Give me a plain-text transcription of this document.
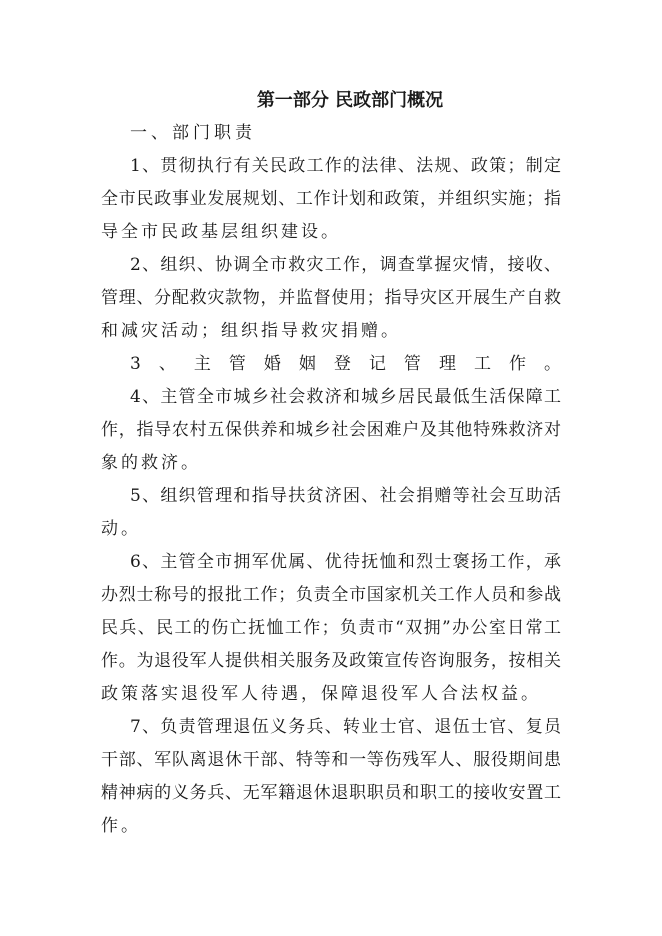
第一部分 民政部门概况
一、部门职责
1、贯彻执行有关民政工作的法律、法规、政策；制定
全市民政事业发展规划、工作计划和政策，并组织实施；指
导全市民政基层组织建设。
2、组织、协调全市救灾工作，调查掌握灾情，接收、
管理、分配救灾款物，并监督使用；指导灾区开展生产自救
和减灾活动；组织指导救灾捐赠。
3、主管婚姻登记管理工作。
4、主管全市城乡社会救济和城乡居民最低生活保障工
作，指导农村五保供养和城乡社会困难户及其他特殊救济对
象的救济。
5、组织管理和指导扶贫济困、社会捐赠等社会互助活
动。
6、主管全市拥军优属、优待抚恤和烈士褒扬工作，承
办烈士称号的报批工作；负责全市国家机关工作人员和参战
民兵、民工的伤亡抚恤工作；负责市“双拥”办公室日常工
作。为退役军人提供相关服务及政策宣传咨询服务，按相关
政策落实退役军人待遇，保障退役军人合法权益。
7、负责管理退伍义务兵、转业士官、退伍士官、复员
干部、军队离退休干部、特等和一等伤残军人、服役期间患
精神病的义务兵、无军籍退休退职职员和职工的接收安置工
作。
